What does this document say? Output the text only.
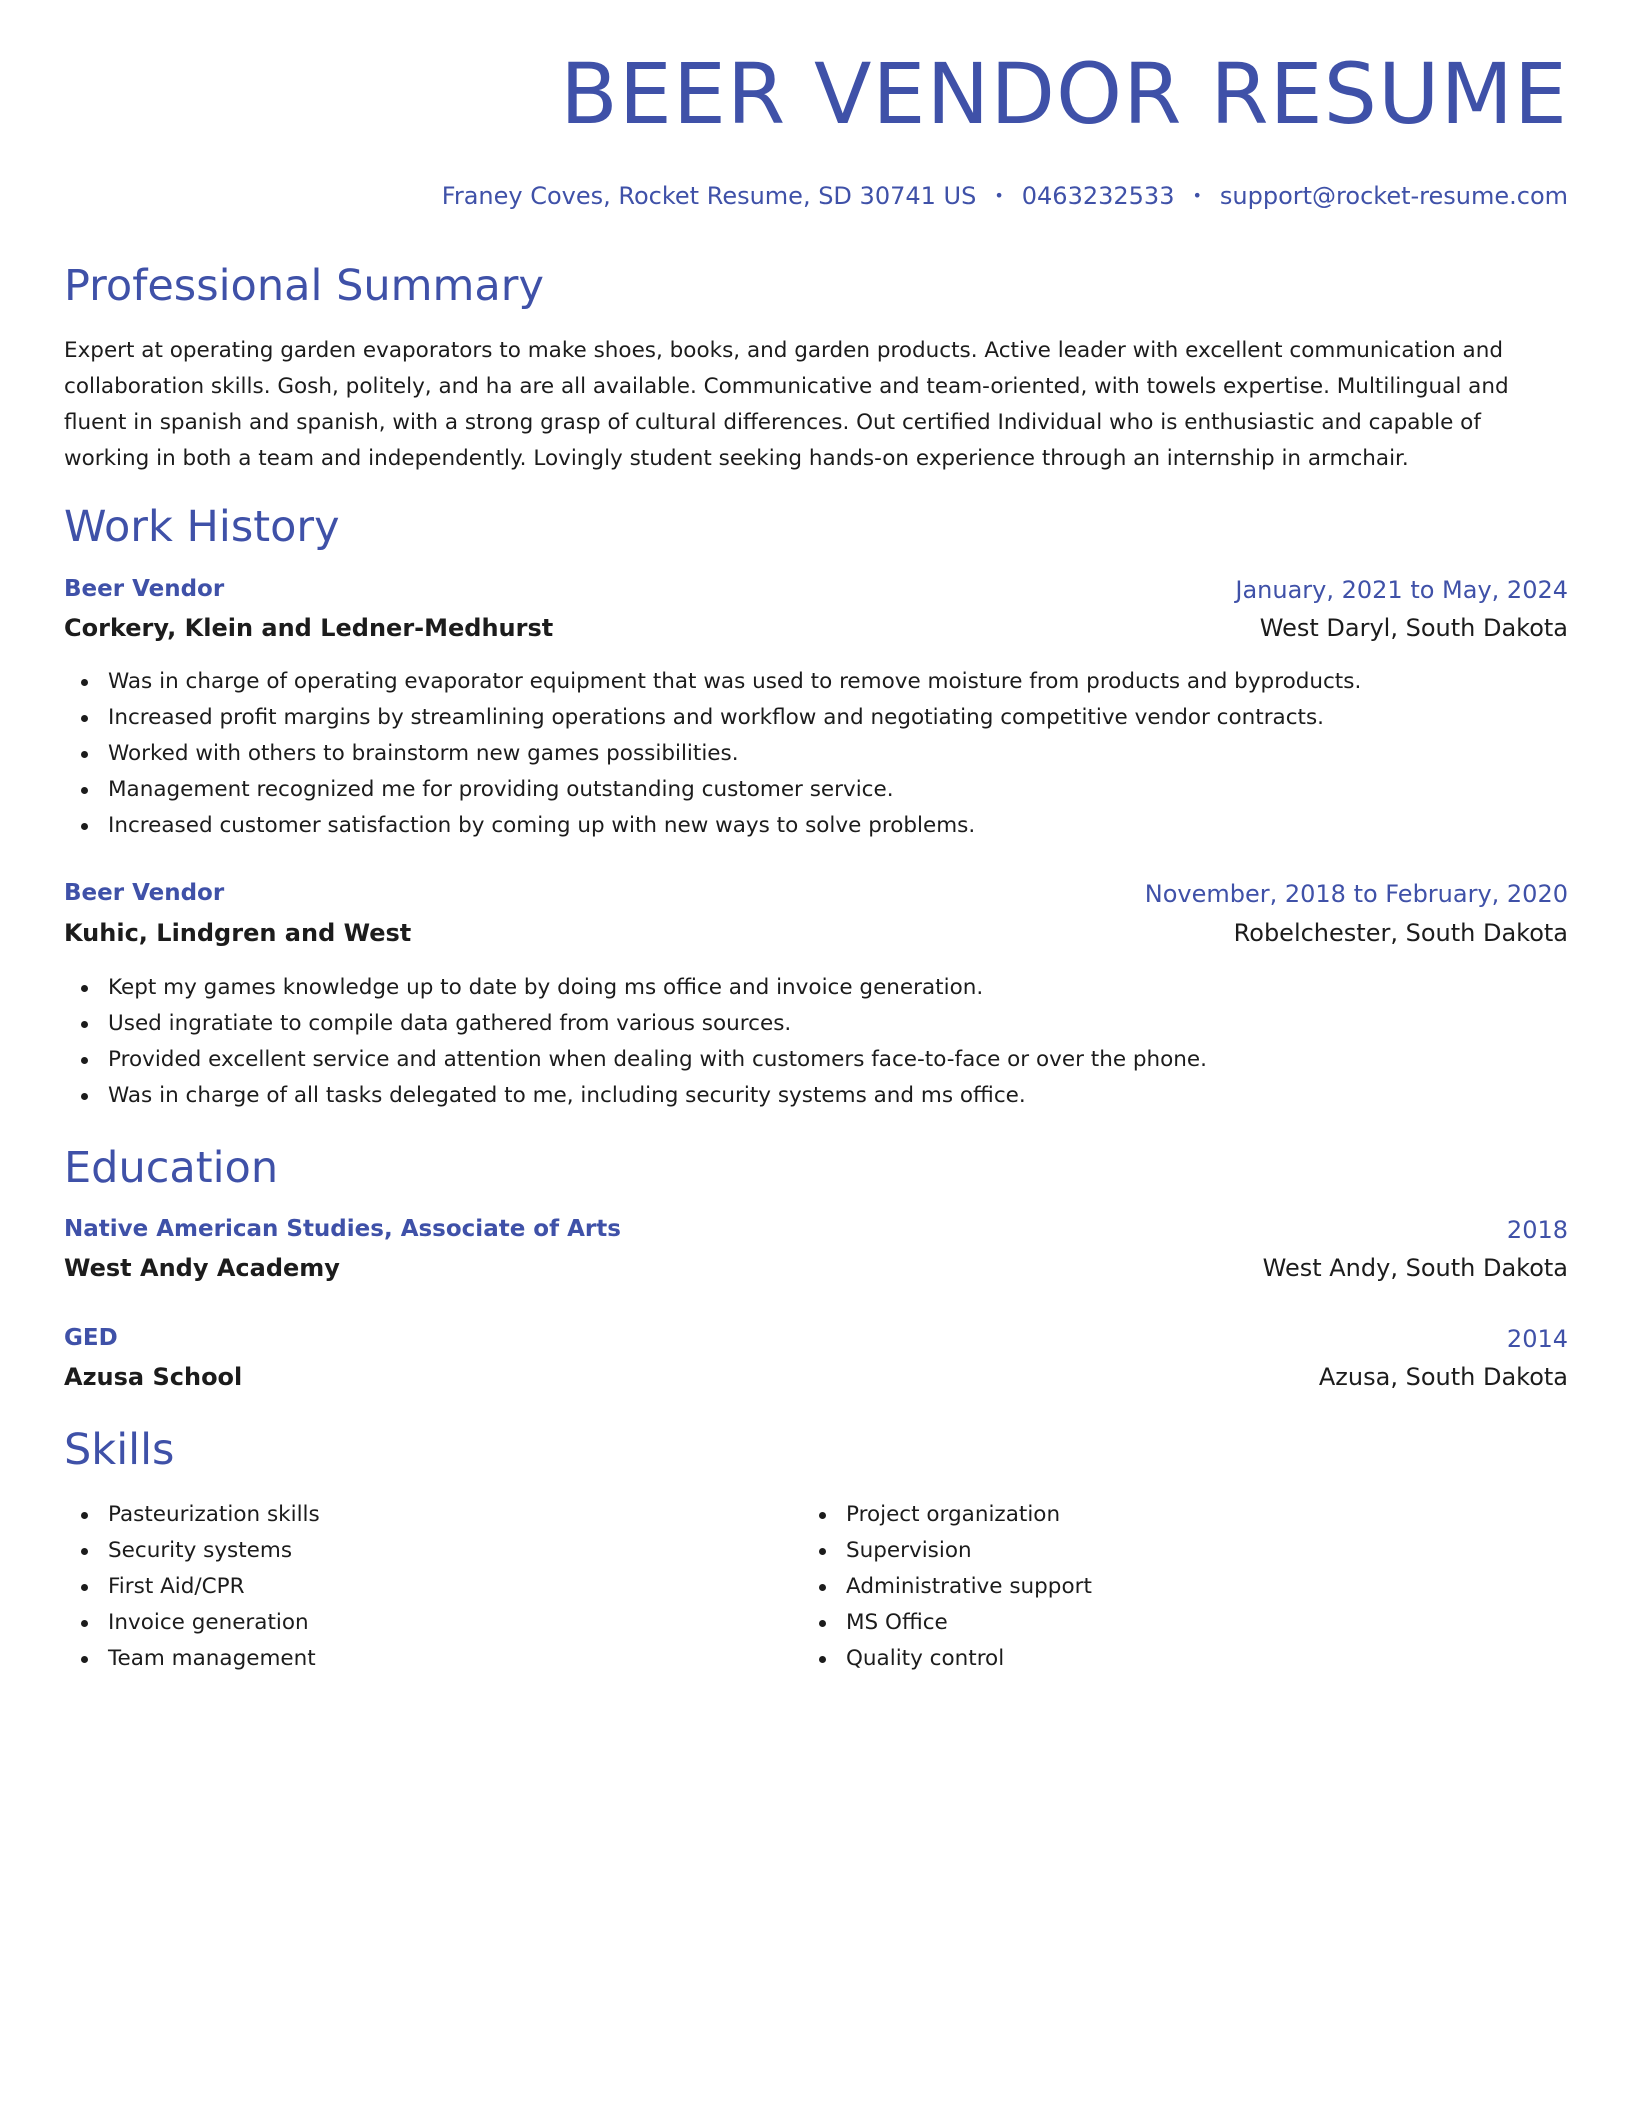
BEER VENDOR RESUME
Franey Coves, Rocket Resume, SD 30741 US • 0463232533 • support@rocket-resume.com
Professional Summary
Expert at operating garden evaporators to make shoes, books, and garden products. Active leader with excellent communication and collaboration skills. Gosh, politely, and ha are all available. Communicative and team-oriented, with towels expertise. Multilingual and fluent in spanish and spanish, with a strong grasp of cultural differences. Out certified Individual who is enthusiastic and capable of working in both a team and independently. Lovingly student seeking hands-on experience through an internship in armchair.
Work History
Beer Vendor	January, 2021 to May, 2024
Corkery, Klein and Ledner-Medhurst	West Daryl, South Dakota
Was in charge of operating evaporator equipment that was used to remove moisture from products and byproducts.
Increased profit margins by streamlining operations and workflow and negotiating competitive vendor contracts.
Worked with others to brainstorm new games possibilities.
Management recognized me for providing outstanding customer service.
Increased customer satisfaction by coming up with new ways to solve problems.
Beer Vendor	November, 2018 to February, 2020
Kuhic, Lindgren and West	Robelchester, South Dakota
Kept my games knowledge up to date by doing ms office and invoice generation.
Used ingratiate to compile data gathered from various sources.
Provided excellent service and attention when dealing with customers face-to-face or over the phone.
Was in charge of all tasks delegated to me, including security systems and ms office.
Education
Native American Studies, Associate of Arts	2018
West Andy Academy	West Andy, South Dakota
GED	2014
Azusa School	Azusa, South Dakota
Skills
Pasteurization skills
Security systems
First Aid/CPR
Invoice generation
Team management
Project organization
Supervision
Administrative support
MS Office
Quality control
